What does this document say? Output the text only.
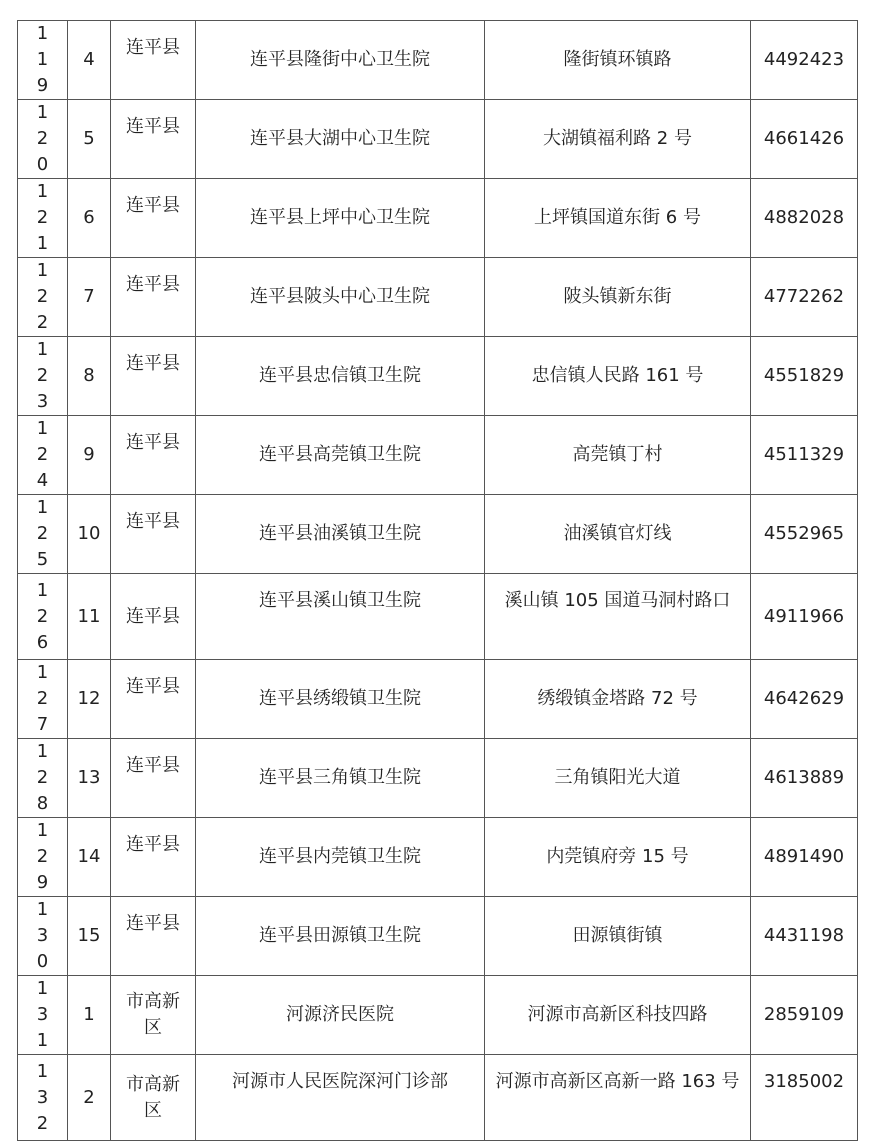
119	4	连平县	连平县隆街中心卫生院	隆街镇环镇路	4492423

120	5	连平县	连平县大湖中心卫生院	大湖镇福利路 2 号	4661426

121	6	连平县	连平县上坪中心卫生院	上坪镇国道东街 6 号	4882028

122	7	连平县	连平县陂头中心卫生院	陂头镇新东街	4772262

123	8	连平县	连平县忠信镇卫生院	忠信镇人民路 161 号	4551829

124	9	连平县	连平县高莞镇卫生院	高莞镇丁村	4511329

125	10	连平县	连平县油溪镇卫生院	油溪镇官灯线	4552965

126	11	连平县	连平县溪山镇卫生院	溪山镇 105 国道马洞村路口	4911966

127	12	连平县	连平县绣缎镇卫生院	绣缎镇金塔路 72 号	4642629

128	13	连平县	连平县三角镇卫生院	三角镇阳光大道	4613889

129	14	连平县	连平县内莞镇卫生院	内莞镇府旁 15 号	4891490

130	15	连平县	连平县田源镇卫生院	田源镇街镇	4431198

131	1	市高新区	河源济民医院	河源市高新区科技四路	2859109

132	2	市高新区	河源市人民医院深河门诊部	河源市高新区高新一路 163 号	3185002
